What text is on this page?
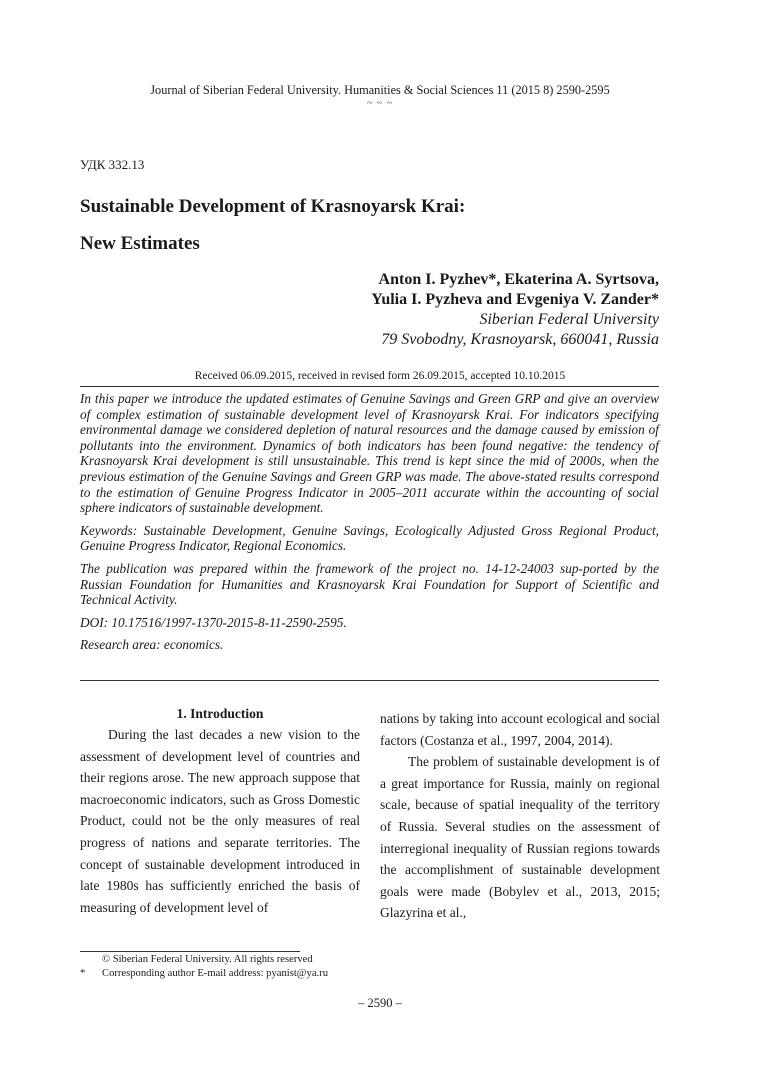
Journal of Siberian Federal University. Humanities & Social Sciences 11 (2015 8) 2590-2595
~ ~ ~
УДК 332.13
Sustainable Development of Krasnoyarsk Krai:
New Estimates
Anton I. Pyzhev*, Ekaterina A. Syrtsova,
Yulia I. Pyzheva and Evgeniya V. Zander*
Siberian Federal University
79 Svobodny, Krasnoyarsk, 660041, Russia
Received 06.09.2015, received in revised form 26.09.2015, accepted 10.10.2015

In this paper we introduce the updated estimates of Genuine Savings and Green GRP and give an overview of complex estimation of sustainable development level of Krasnoyarsk Krai. For indicators specifying environmental damage we considered depletion of natural resources and the damage caused by emission of pollutants into the environment. Dynamics of both indicators has been found negative: the tendency of Krasnoyarsk Krai development is still unsustainable. This trend is kept since the mid of 2000s, when the previous estimation of the Genuine Savings and Green GRP was made. The above-stated results correspond to the estimation of Genuine Progress Indicator in 2005–2011 accurate within the accounting of social sphere indicators of sustainable development.

Keywords: Sustainable Development, Genuine Savings, Ecologically Adjusted Gross Regional Product, Genuine Progress Indicator, Regional Economics.

The publication was prepared within the framework of the project no. 14-12-24003 sup-ported by the Russian Foundation for Humanities and Krasnoyarsk Krai Foundation for Support of Scientific and Technical Activity.

DOI: 10.17516/1997-1370-2015-8-11-2590-2595.

Research area: economics.

1. Introduction

During the last decades a new vision to the assessment of development level of countries and their regions arose. The new approach suppose that macroeconomic indicators, such as Gross Domestic Product, could not be the only measures of real progress of nations and separate territories. The concept of sustainable development introduced in late 1980s has sufficiently enriched the basis of measuring of development level of

nations by taking into account ecological and social factors (Costanza et al., 1997, 2004, 2014).

The problem of sustainable development is of a great importance for Russia, mainly on regional scale, because of spatial inequality of the territory of Russia. Several studies on the assessment of interregional inequality of Russian regions towards the accomplishment of sustainable development goals were made (Bobylev et al., 2013, 2015; Glazyrina et al.,

© Siberian Federal University. All rights reserved
*	Corresponding author E-mail address: pyanist@ya.ru
– 2590 –
